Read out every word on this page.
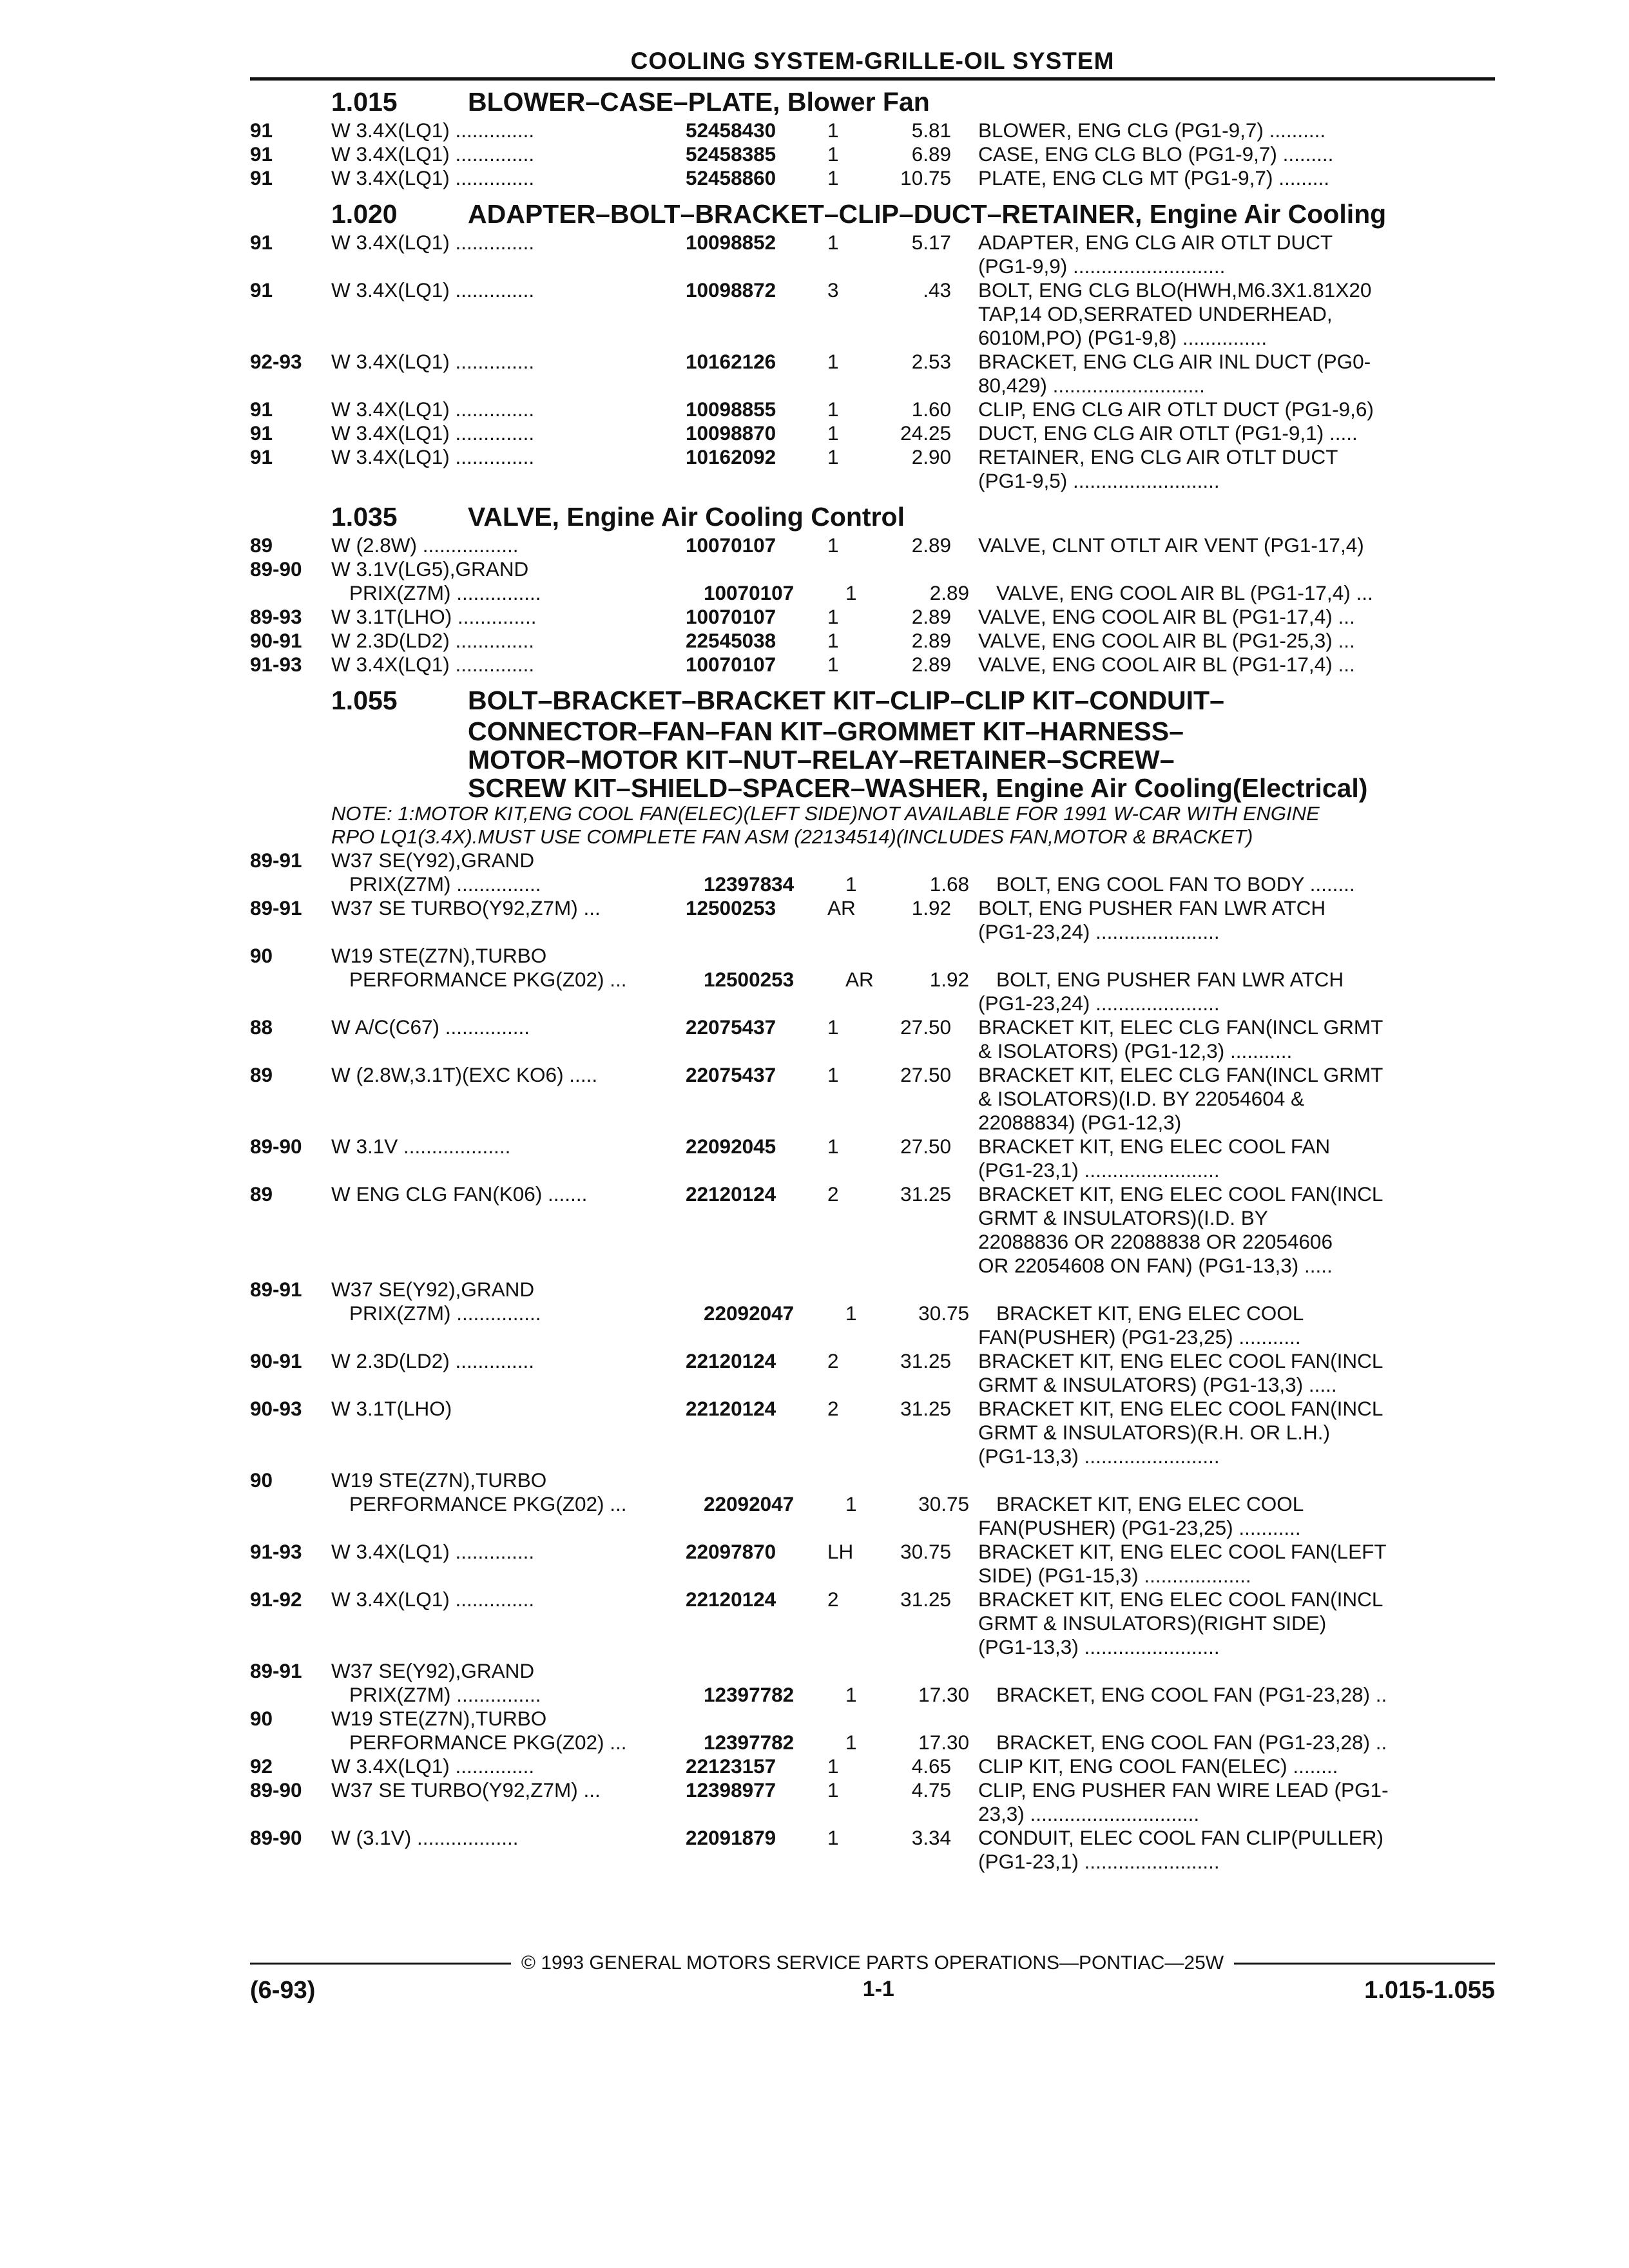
COOLING SYSTEM-GRILLE-OIL SYSTEM
1.015	BLOWER–CASE–PLATE, Blower Fan
91	W 3.4X(LQ1) ..............	52458430	1	5.81	BLOWER, ENG CLG (PG1-9,7) ..........
91	W 3.4X(LQ1) ..............	52458385	1	6.89	CASE, ENG CLG BLO (PG1-9,7) .........
91	W 3.4X(LQ1) ..............	52458860	1	10.75	PLATE, ENG CLG MT (PG1-9,7) .........
1.020	ADAPTER–BOLT–BRACKET–CLIP–DUCT–RETAINER, Engine Air Cooling
91	W 3.4X(LQ1) ..............	10098852	1	5.17	ADAPTER, ENG CLG AIR OTLT DUCT
(PG1-9,9) ...........................
91	W 3.4X(LQ1) ..............	10098872	3	.43	BOLT, ENG CLG BLO(HWH,M6.3X1.81X20
TAP,14 OD,SERRATED UNDERHEAD,
6010M,PO) (PG1-9,8) ...............
92-93	W 3.4X(LQ1) ..............	10162126	1	2.53	BRACKET, ENG CLG AIR INL DUCT (PG0-
80,429) ...........................
91	W 3.4X(LQ1) ..............	10098855	1	1.60	CLIP, ENG CLG AIR OTLT DUCT (PG1-9,6)
91	W 3.4X(LQ1) ..............	10098870	1	24.25	DUCT, ENG CLG AIR OTLT (PG1-9,1) .....
91	W 3.4X(LQ1) ..............	10162092	1	2.90	RETAINER, ENG CLG AIR OTLT DUCT
(PG1-9,5) ..........................
1.035	VALVE, Engine Air Cooling Control
89	W (2.8W) .................	10070107	1	2.89	VALVE, CLNT OTLT AIR VENT (PG1-17,4)
89-90	W 3.1V(LG5),GRAND
PRIX(Z7M) ...............	10070107	1	2.89	VALVE, ENG COOL AIR BL (PG1-17,4) ...
89-93	W 3.1T(LHO) ..............	10070107	1	2.89	VALVE, ENG COOL AIR BL (PG1-17,4) ...
90-91	W 2.3D(LD2) ..............	22545038	1	2.89	VALVE, ENG COOL AIR BL (PG1-25,3) ...
91-93	W 3.4X(LQ1) ..............	10070107	1	2.89	VALVE, ENG COOL AIR BL (PG1-17,4) ...
1.055	BOLT–BRACKET–BRACKET KIT–CLIP–CLIP KIT–CONDUIT–
CONNECTOR–FAN–FAN KIT–GROMMET KIT–HARNESS–
MOTOR–MOTOR KIT–NUT–RELAY–RETAINER–SCREW–
SCREW KIT–SHIELD–SPACER–WASHER, Engine Air Cooling(Electrical)
NOTE: 1:MOTOR KIT,ENG COOL FAN(ELEC)(LEFT SIDE)NOT AVAILABLE FOR 1991 W-CAR WITH ENGINE
RPO LQ1(3.4X).MUST USE COMPLETE FAN ASM (22134514)(INCLUDES FAN,MOTOR & BRACKET)
89-91	W37 SE(Y92),GRAND
PRIX(Z7M) ...............	12397834	1	1.68	BOLT, ENG COOL FAN TO BODY ........
89-91	W37 SE TURBO(Y92,Z7M) ...	12500253	AR	1.92	BOLT, ENG PUSHER FAN LWR ATCH
(PG1-23,24) ......................
90	W19 STE(Z7N),TURBO
PERFORMANCE PKG(Z02) ...	12500253	AR	1.92	BOLT, ENG PUSHER FAN LWR ATCH
(PG1-23,24) ......................
88	W A/C(C67) ...............	22075437	1	27.50	BRACKET KIT, ELEC CLG FAN(INCL GRMT
& ISOLATORS) (PG1-12,3) ...........
89	W (2.8W,3.1T)(EXC KO6) .....	22075437	1	27.50	BRACKET KIT, ELEC CLG FAN(INCL GRMT
& ISOLATORS)(I.D. BY 22054604 &
22088834) (PG1-12,3)
89-90	W 3.1V ...................	22092045	1	27.50	BRACKET KIT, ENG ELEC COOL FAN
(PG1-23,1) ........................
89	W ENG CLG FAN(K06) .......	22120124	2	31.25	BRACKET KIT, ENG ELEC COOL FAN(INCL
GRMT & INSULATORS)(I.D. BY
22088836 OR 22088838 OR 22054606
OR 22054608 ON FAN) (PG1-13,3) .....
89-91	W37 SE(Y92),GRAND
PRIX(Z7M) ...............	22092047	1	30.75	BRACKET KIT, ENG ELEC COOL
FAN(PUSHER) (PG1-23,25) ...........
90-91	W 2.3D(LD2) ..............	22120124	2	31.25	BRACKET KIT, ENG ELEC COOL FAN(INCL
GRMT & INSULATORS) (PG1-13,3) .....
90-93	W 3.1T(LHO)	22120124	2	31.25	BRACKET KIT, ENG ELEC COOL FAN(INCL
GRMT & INSULATORS)(R.H. OR L.H.)
(PG1-13,3) ........................
90	W19 STE(Z7N),TURBO
PERFORMANCE PKG(Z02) ...	22092047	1	30.75	BRACKET KIT, ENG ELEC COOL
FAN(PUSHER) (PG1-23,25) ...........
91-93	W 3.4X(LQ1) ..............	22097870	LH	30.75	BRACKET KIT, ENG ELEC COOL FAN(LEFT
SIDE) (PG1-15,3) ...................
91-92	W 3.4X(LQ1) ..............	22120124	2	31.25	BRACKET KIT, ENG ELEC COOL FAN(INCL
GRMT & INSULATORS)(RIGHT SIDE)
(PG1-13,3) ........................
89-91	W37 SE(Y92),GRAND
PRIX(Z7M) ...............	12397782	1	17.30	BRACKET, ENG COOL FAN (PG1-23,28) ..
90	W19 STE(Z7N),TURBO
PERFORMANCE PKG(Z02) ...	12397782	1	17.30	BRACKET, ENG COOL FAN (PG1-23,28) ..
92	W 3.4X(LQ1) ..............	22123157	1	4.65	CLIP KIT, ENG COOL FAN(ELEC) ........
89-90	W37 SE TURBO(Y92,Z7M) ...	12398977	1	4.75	CLIP, ENG PUSHER FAN WIRE LEAD (PG1-
23,3) ..............................
89-90	W (3.1V) ..................	22091879	1	3.34	CONDUIT, ELEC COOL FAN CLIP(PULLER)
(PG1-23,1) ........................
© 1993 GENERAL MOTORS SERVICE PARTS OPERATIONS—PONTIAC—25W
(6-93)	1-1	1.015-1.055
